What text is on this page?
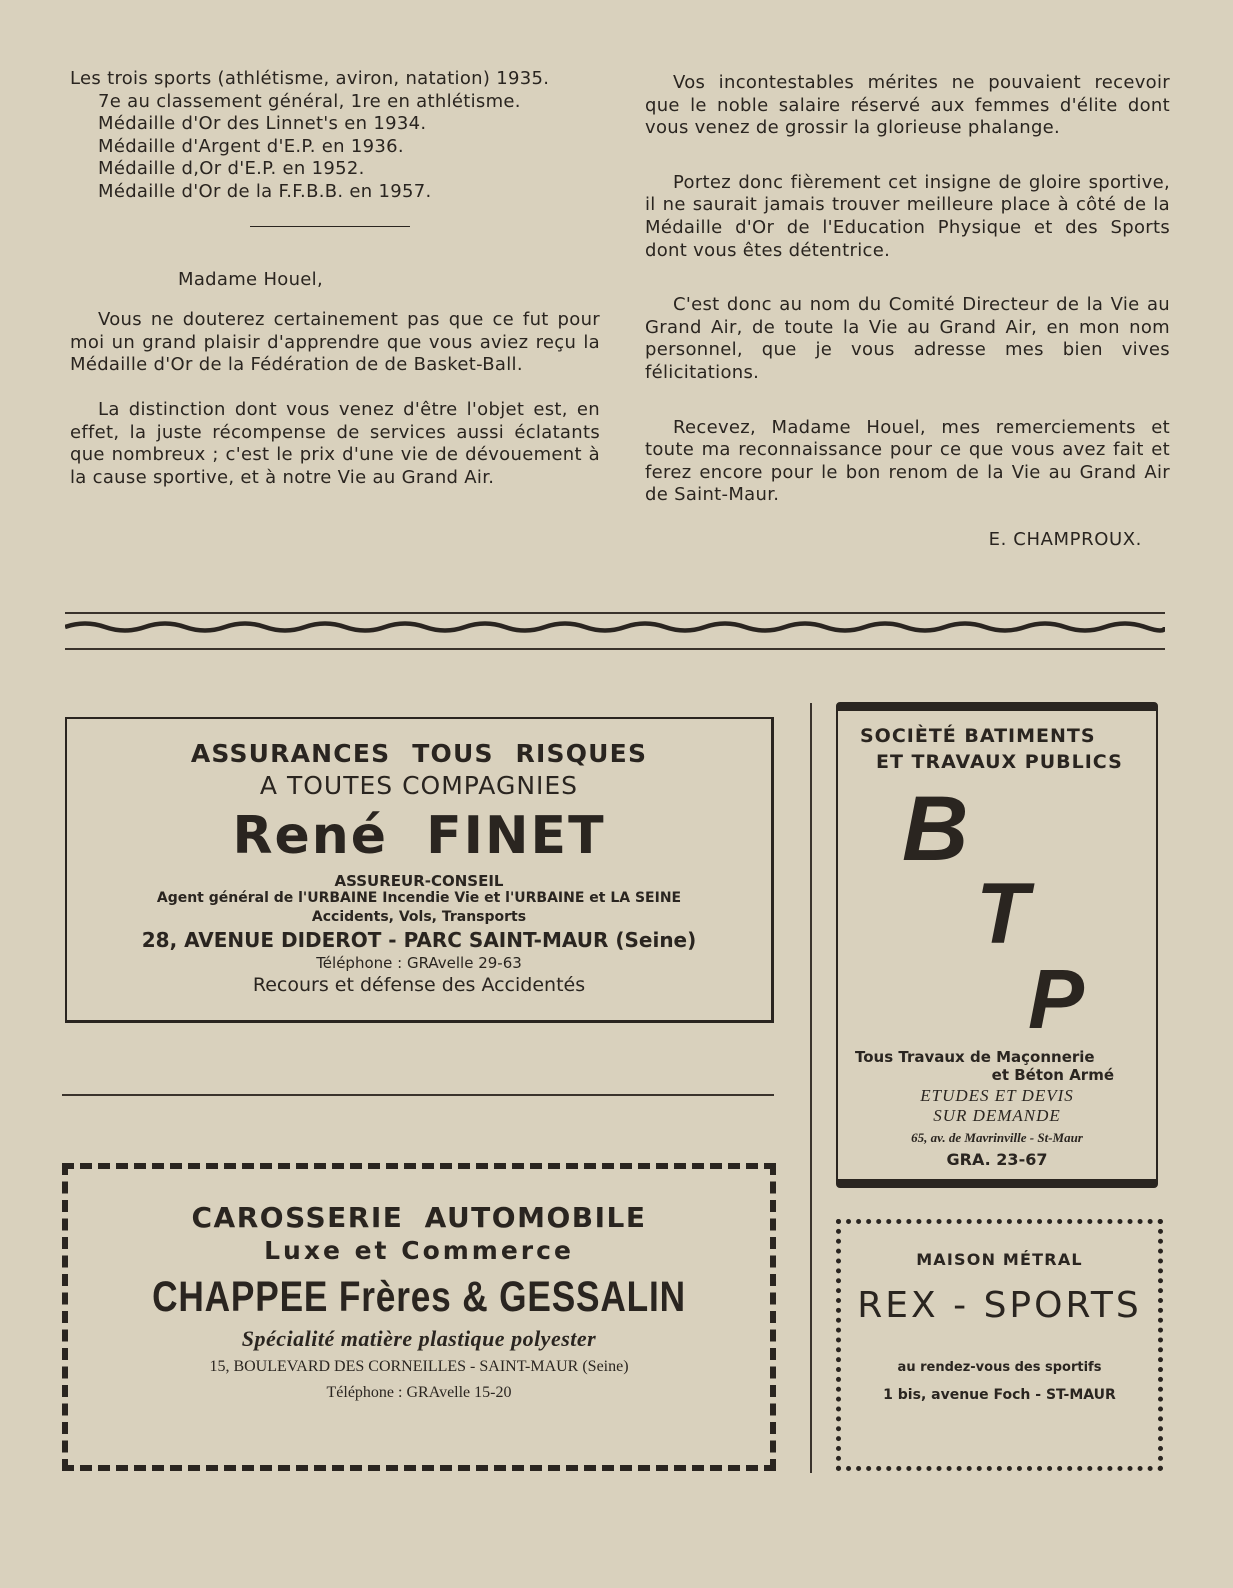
Les trois sports (athlétisme, aviron, natation) 1935.
7e au classement général, 1re en athlétisme.
Médaille d'Or des Linnet's en 1934.
Médaille d'Argent d'E.P. en 1936.
Médaille d,Or d'E.P. en 1952.
Médaille d'Or de la F.F.B.B. en 1957.
Madame Houel,

Vous ne douterez certainement pas que ce fut pour moi un grand plaisir d'apprendre que vous aviez reçu la Médaille d'Or de la Fédération de de Basket-Ball.

La distinction dont vous venez d'être l'objet est, en effet, la juste récompense de services aussi éclatants que nombreux ; c'est le prix d'une vie de dévouement à la cause sportive, et à notre Vie au Grand Air.

Vos incontestables mérites ne pouvaient recevoir que le noble salaire réservé aux femmes d'élite dont vous venez de grossir la glorieuse phalange.

Portez donc fièrement cet insigne de gloire sportive, il ne saurait jamais trouver meilleure place à côté de la Médaille d'Or de l'Education Physique et des Sports dont vous êtes détentrice.

C'est donc au nom du Comité Directeur de la Vie au Grand Air, de toute la Vie au Grand Air, en mon nom personnel, que je vous adresse mes bien vives félicitations.

Recevez, Madame Houel, mes remerciements et toute ma reconnaissance pour ce que vous avez fait et ferez encore pour le bon renom de la Vie au Grand Air de Saint-Maur.

E. CHAMPROUX.
ASSURANCES TOUS RISQUES
A TOUTES COMPAGNIES
René FINET
ASSUREUR-CONSEIL
Agent général de l'URBAINE Incendie Vie et l'URBAINE et LA SEINE
Accidents, Vols, Transports
28, AVENUE DIDEROT - PARC SAINT-MAUR (Seine)
Téléphone : GRAvelle 29-63
Recours et défense des Accidentés
SOCIÈTÉ BATIMENTS
ET TRAVAUX PUBLICS
B
T
P
Tous Travaux de Maçonnerie
et Béton Armé
ETUDES ET DEVIS
SUR DEMANDE
65, av. de Mavrinville - St-Maur
GRA. 23-67
CAROSSERIE AUTOMOBILE
Luxe et Commerce
CHAPPEE Frères & GESSALIN
Spécialité matière plastique polyester
15, BOULEVARD DES CORNEILLES - SAINT-MAUR (Seine)
Téléphone : GRAvelle 15-20
MAISON MÉTRAL
REX - SPORTS
au rendez-vous des sportifs
1 bis, avenue Foch - ST-MAUR
